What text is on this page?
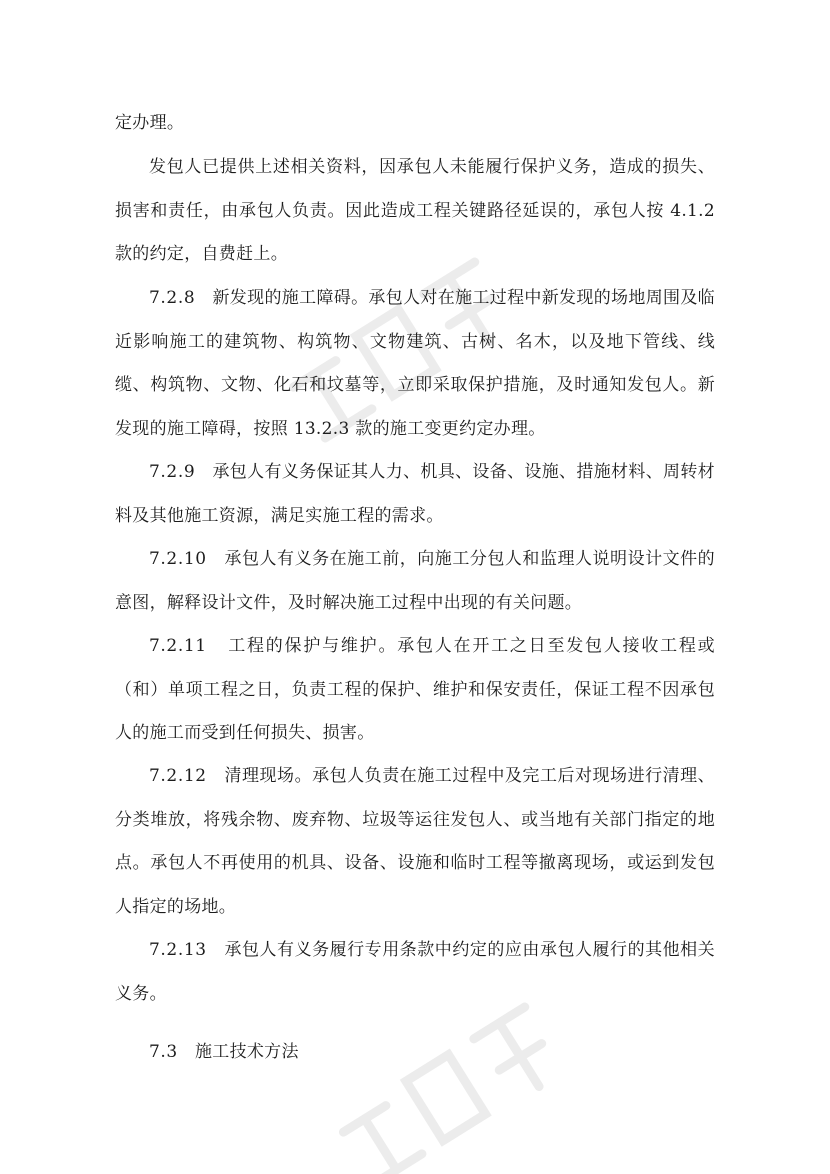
定办理。

发包人已提供上述相关资料，因承包人未能履行保护义务，造成的损失、损害和责任，由承包人负责。因此造成工程关键路径延误的，承包人按 4.1.2 款的约定，自费赶上。

7.2.8 新发现的施工障碍。承包人对在施工过程中新发现的场地周围及临近影响施工的建筑物、构筑物、文物建筑、古树、名木，以及地下管线、线缆、构筑物、文物、化石和坟墓等，立即采取保护措施，及时通知发包人。新发现的施工障碍，按照 13.2.3 款的施工变更约定办理。

7.2.9 承包人有义务保证其人力、机具、设备、设施、措施材料、周转材料及其他施工资源，满足实施工程的需求。

7.2.10 承包人有义务在施工前，向施工分包人和监理人说明设计文件的意图，解释设计文件，及时解决施工过程中出现的有关问题。

7.2.11 工程的保护与维护。承包人在开工之日至发包人接收工程或（和）单项工程之日，负责工程的保护、维护和保安责任，保证工程不因承包人的施工而受到任何损失、损害。

7.2.12 清理现场。承包人负责在施工过程中及完工后对现场进行清理、分类堆放，将残余物、废弃物、垃圾等运往发包人、或当地有关部门指定的地点。承包人不再使用的机具、设备、设施和临时工程等撤离现场，或运到发包人指定的场地。

7.2.13 承包人有义务履行专用条款中约定的应由承包人履行的其他相关义务。

7.3 施工技术方法
